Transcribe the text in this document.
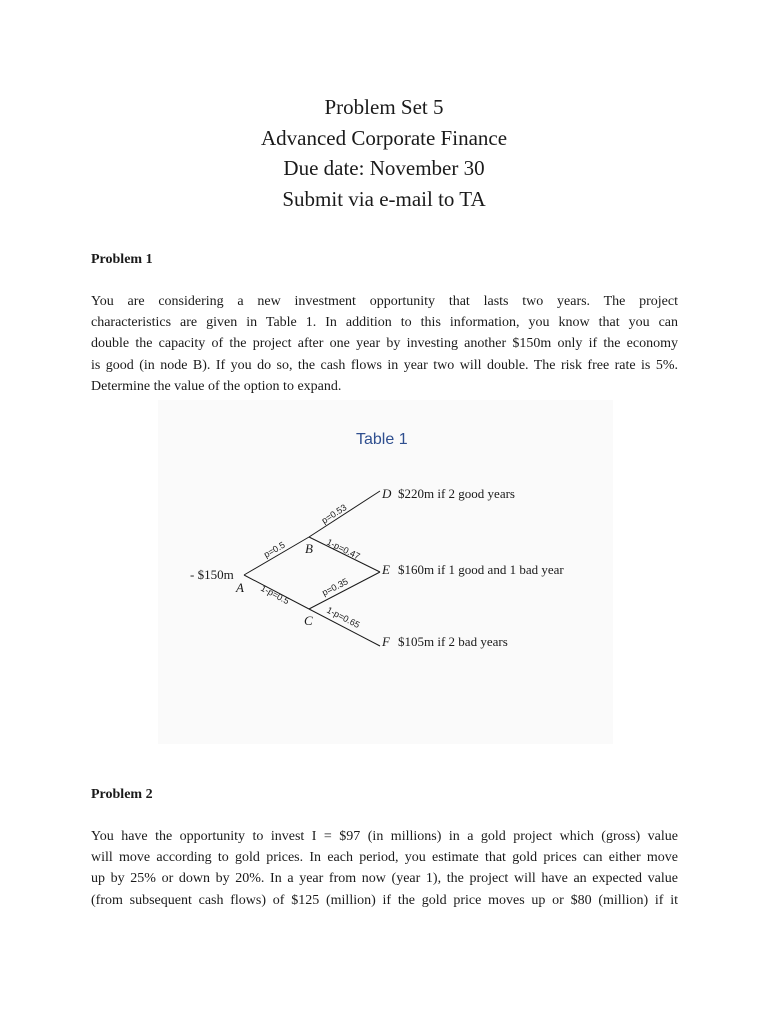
Problem Set 5
Advanced Corporate Finance
Due date: November 30
Submit via e-mail to TA
Problem 1
You are considering a new investment opportunity that lasts two years. The project
characteristics are given in Table 1. In addition to this information, you know that you can
double the capacity of the project after one year by investing another $150m only if the economy
is good (in node B). If you do so, the cash flows in year two will double. The risk free rate is 5%.
Determine the value of the option to expand.
Table 1
- $150m
A
B
C
D
E
F
$220m if 2 good years
$160m if 1 good and 1 bad year
$105m if 2 bad years
p=0.5
1-p=0.5
p=0.53
1-p=0.47
p=0.35
1-p=0.65
Problem 2
You have the opportunity to invest I = $97 (in millions) in a gold project which (gross) value
will move according to gold prices. In each period, you estimate that gold prices can either move
up by 25% or down by 20%. In a year from now (year 1), the project will have an expected value
(from subsequent cash flows) of $125 (million) if the gold price moves up or $80 (million) if it
